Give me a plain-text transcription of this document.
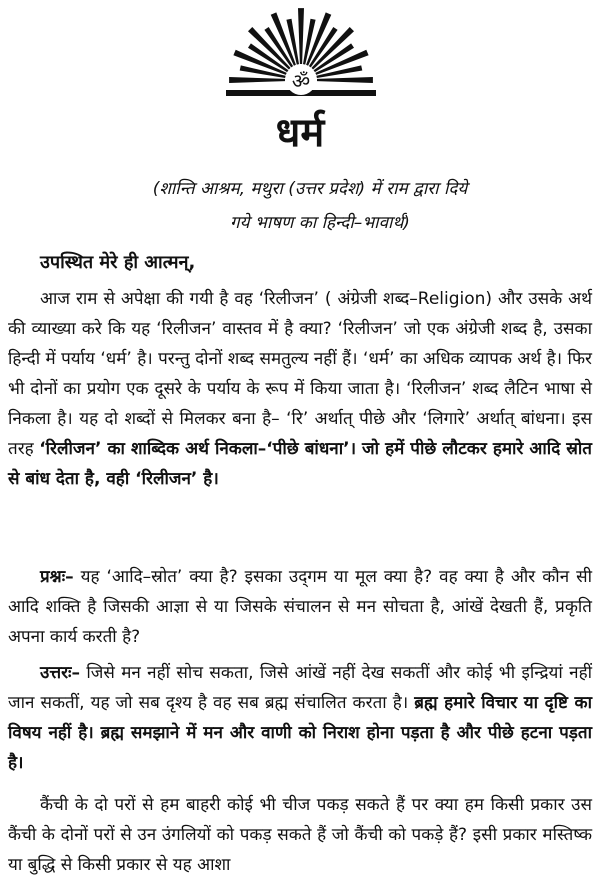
ॐ
धर्म
(शान्ति आश्रम, मथुरा (उत्तर प्रदेश) में राम द्वारा दिये
गये भाषण का हिन्दी–भावार्थ)
उपस्थित मेरे ही आत्मन्,

आज राम से अपेक्षा की गयी है वह ‘रिलीजन’ ( अंग्रेजी शब्द–Religion) और उसके अर्थ की व्याख्या करे कि यह ‘रिलीजन’ वास्तव में है क्या? ‘रिलीजन’ जो एक अंग्रेजी शब्द है, उसका हिन्दी में पर्याय ‘धर्म’ है। परन्तु दोनों शब्द समतुल्य नहीं हैं। ‘धर्म’ का अधिक व्यापक अर्थ है। फिर भी दोनों का प्रयोग एक दूसरे के पर्याय के रूप में किया जाता है। ‘रिलीजन’ शब्द लैटिन भाषा से निकला है। यह दो शब्दों से मिलकर बना है– ‘रि’ अर्थात् पीछे और ‘लिगारे’ अर्थात् बांधना। इस तरह ‘रिलीजन’ का शाब्दिक अर्थ निकला–‘पीछे बांधना’। जो हमें पीछे लौटकर हमारे आदि स्रोत से बांध देता है, वही ‘रिलीजन’ है।

प्रश्नः– यह ‘आदि–स्रोत’ क्या है? इसका उद्‌गम या मूल क्या है? वह क्या है और कौन सी आदि शक्ति है जिसकी आज्ञा से या जिसके संचालन से मन सोचता है, आंखें देखती हैं, प्रकृति अपना कार्य करती है?

उत्तरः– जिसे मन नहीं सोच सकता, जिसे आंखें नहीं देख सकतीं और कोई भी इन्द्रियां नहीं जान सकतीं, यह जो सब दृश्य है वह सब ब्रह्म संचालित करता है। ब्रह्म हमारे विचार या दृष्टि का विषय नहीं है। ब्रह्म समझाने में मन और वाणी को निराश होना पड़ता है और पीछे हटना पड़ता है।

कैंची के दो परों से हम बाहरी कोई भी चीज पकड़ सकते हैं पर क्या हम किसी प्रकार उस कैंची के दोनों परों से उन उंगलियों को पकड़ सकते हैं जो कैंची को पकड़े हैं? इसी प्रकार मस्तिष्क या बुद्धि से किसी प्रकार से यह आशा
